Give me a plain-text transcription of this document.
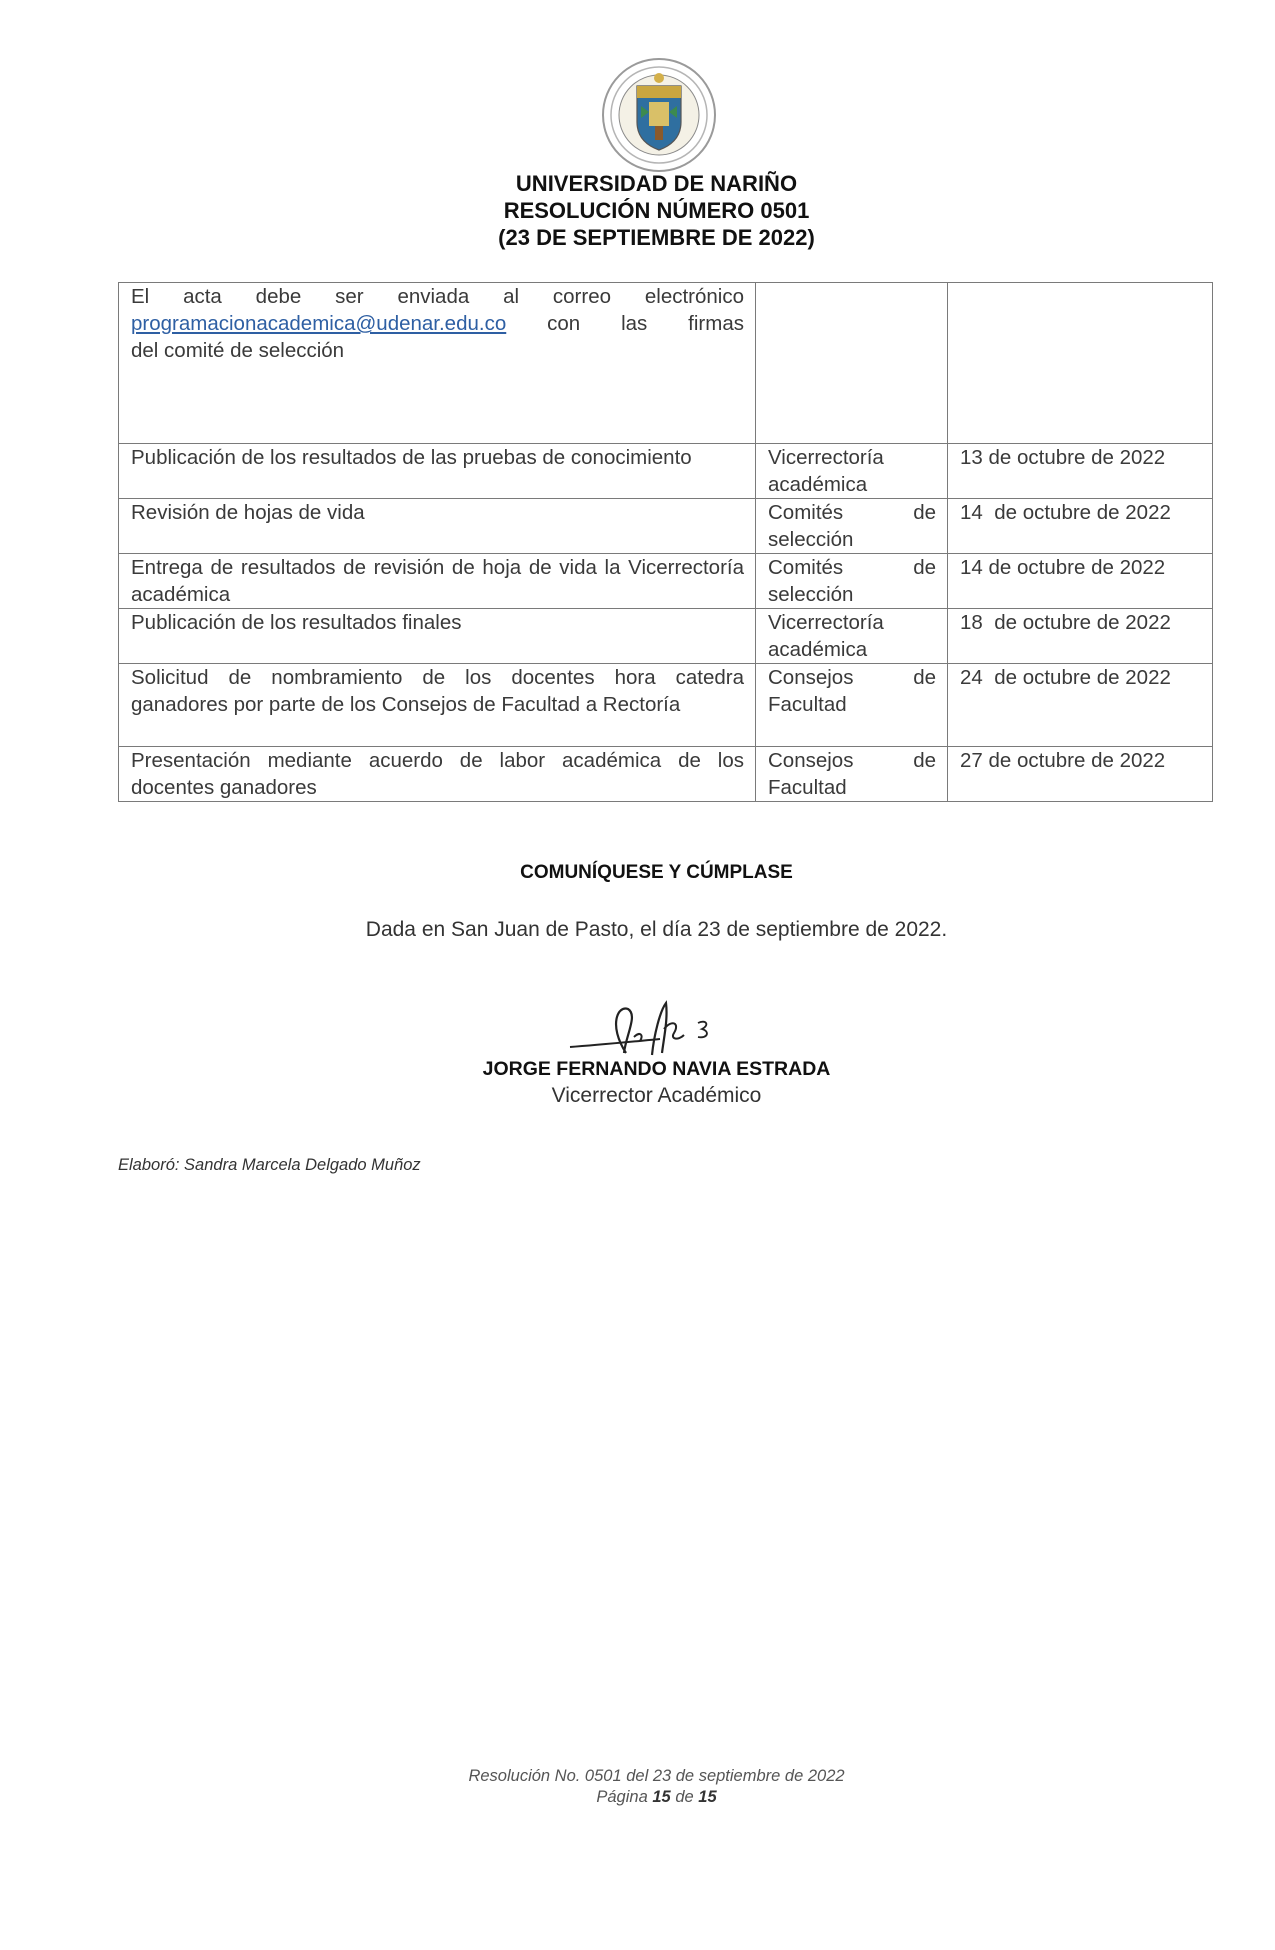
UNIVERSIDAD DE NARIÑO
RESOLUCIÓN NÚMERO 0501
(23 DE SEPTIEMBRE DE 2022)
El acta debe ser enviada al correo electrónico
programacionacademica@udenar.edu.co con las firmas
del comité de selección		

Publicación de los resultados de las pruebas de conocimiento	Vicerrectoría académica	13 de octubre de 2022
Revisión de hojas de vida	Comités de selección	14  de octubre de 2022
Entrega de resultados de revisión de hoja de vida la Vicerrectoría académica	Comités de selección	14 de octubre de 2022
Publicación de los resultados finales	Vicerrectoría académica	18  de octubre de 2022
Solicitud de nombramiento de los docentes hora catedra ganadores por parte de los Consejos de Facultad a Rectoría	Consejos de Facultad	24  de octubre de 2022
Presentación mediante acuerdo de labor académica de los docentes ganadores	Consejos de Facultad	27 de octubre de 2022
COMUNÍQUESE Y CÚMPLASE
Dada en San Juan de Pasto, el día 23 de septiembre de 2022.
JORGE FERNANDO NAVIA ESTRADA
Vicerrector Académico
Elaboró: Sandra Marcela Delgado Muñoz
Resolución No. 0501 del 23 de septiembre de 2022
Página 15 de 15
